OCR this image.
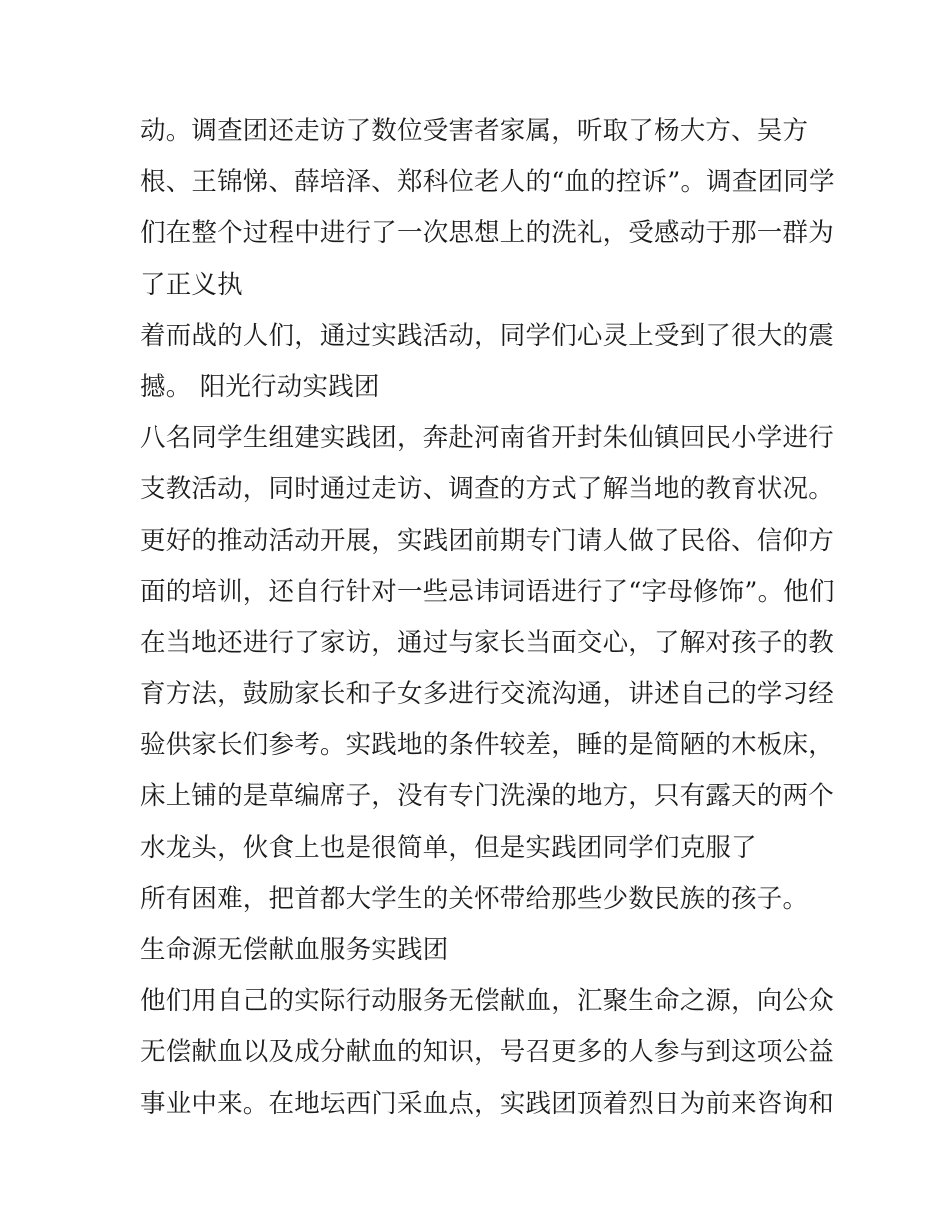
动。调查团还走访了数位受害者家属，听取了杨大方、吴方
根、王锦悌、薛培泽、郑科位老人的“血的控诉”。调查团同学
们在整个过程中进行了一次思想上的洗礼，受感动于那一群为
了正义执
着而战的人们，通过实践活动，同学们心灵上受到了很大的震
撼。 阳光行动实践团
八名同学生组建实践团，奔赴河南省开封朱仙镇回民小学进行
支教活动，同时通过走访、调查的方式了解当地的教育状况。
更好的推动活动开展，实践团前期专门请人做了民俗、信仰方
面的培训，还自行针对一些忌讳词语进行了“字母修饰”。他们
在当地还进行了家访，通过与家长当面交心，了解对孩子的教
育方法，鼓励家长和子女多进行交流沟通，讲述自己的学习经
验供家长们参考。实践地的条件较差，睡的是简陋的木板床，
床上铺的是草编席子，没有专门洗澡的地方，只有露天的两个
水龙头，伙食上也是很简单，但是实践团同学们克服了
所有困难，把首都大学生的关怀带给那些少数民族的孩子。
生命源无偿献血服务实践团
他们用自己的实际行动服务无偿献血，汇聚生命之源，向公众
无偿献血以及成分献血的知识，号召更多的人参与到这项公益
事业中来。在地坛西门采血点，实践团顶着烈日为前来咨询和
